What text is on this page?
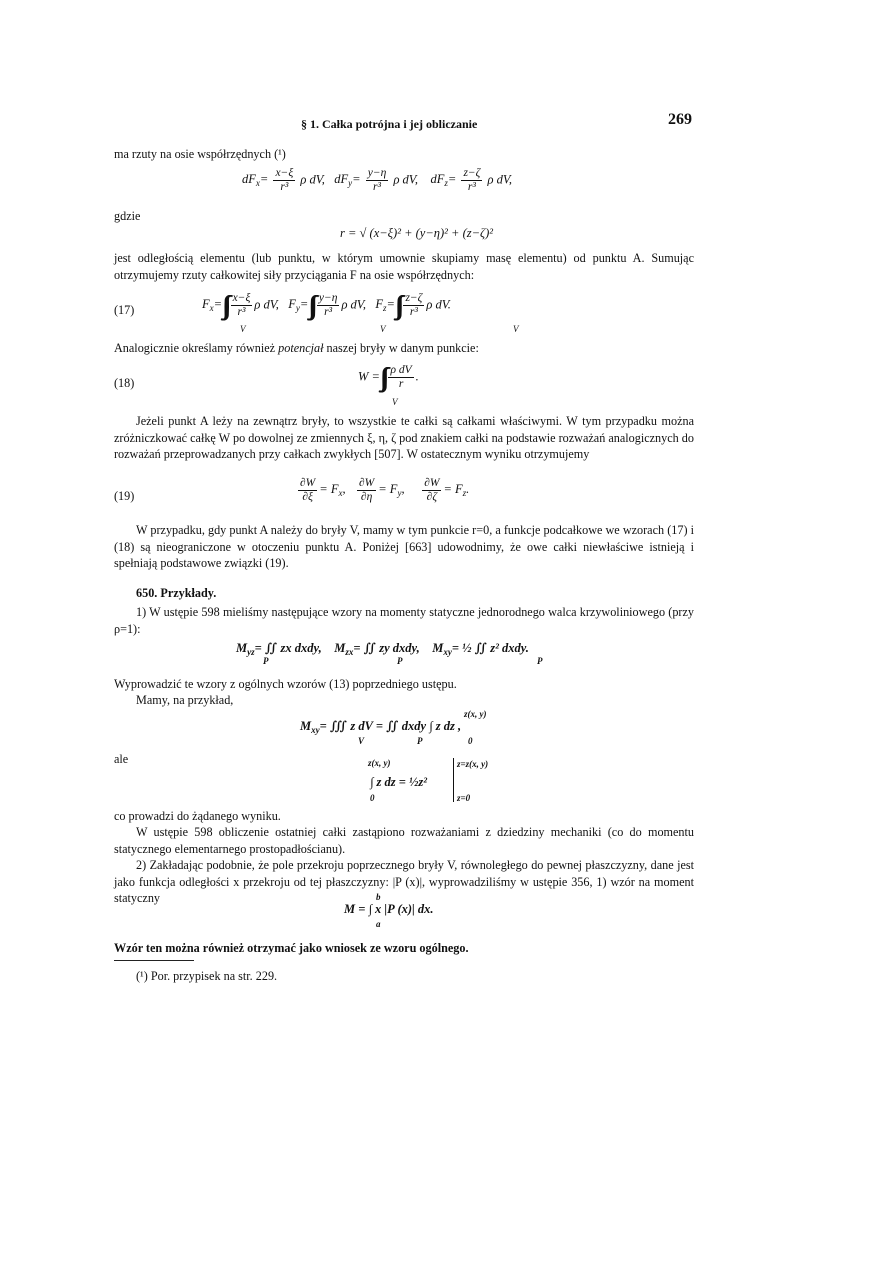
§ 1. Całka potrójna i jej obliczanie	269
ma rzuty na osie współrzędnych (¹)
$dF_x= \frac{x-\xi}{\text{r³}}$ ρ dV, $dF_y= \frac{y-\eta}{\text{r³}}$ ρ dV, $dF_z= \frac{z-\zeta}{\text{r³}}$ ρ dV,
gdzie
r = √ (x−ξ)² + (y−η)² + (z−ζ)²
jest odległością elementu (lub punktu, w którym umownie skupiamy masę elementu) od punktu A. Sumując otrzymujemy rzuty całkowitej siły przyciągania F na osie współrzędnych:
(17)	$F_x=\int\int\int \frac{x-\xi}{\text{r³}}$ ρ dV, $F_y=\int\int\int \frac{y-\eta}{\text{r³}}$ ρ dV, $F_z=\int\int\int \frac{z-\zeta}{\text{r³}}$ ρ dV.
V	V	V
Analogicznie określamy również potencjał naszej bryły w danym punkcie:
(18)	W =∫∫∫ $\frac{\text{ρ dV}}{r}$ .
V
Jeżeli punkt A leży na zewnątrz bryły, to wszystkie te całki są całkami właściwymi. W tym przypadku można zróżniczkować całkę W po dowolnej ze zmiennych ξ, η, ζ pod znakiem całki na podstawie rozważań analogicznych do rozważań przeprowadzanych przy całkach zwykłych [507]. W ostatecznym wyniku otrzymujemy
(19)	$\frac{\partial W}{\partial\xi} = F_x$, $\frac{\partial W}{\partial\eta} = F_y$, $\frac{\partial W}{\partial\zeta} = F_z$.
W przypadku, gdy punkt A należy do bryły V, mamy w tym punkcie r=0, a funkcje podcałkowe we wzorach (17) i (18) są nieograniczone w otoczeniu punktu A. Poniżej [663] udowodnimy, że owe całki niewłaściwe istnieją i spełniają podstawowe związki (19).
650. Przykłady.
1) W ustępie 598 mieliśmy następujące wzory na momenty statyczne jednorodnego walca krzywoliniowego (przy ρ=1):
$M_{yz}=$ ∬ zx dxdy, $M_{zx}=$ ∬ zy dxdy, $M_{xy}=$ ½ ∬ z² dxdy.
P	P	P
Wyprowadzić te wzory z ogólnych wzorów (13) poprzedniego ustępu.
Mamy, na przykład,
z(x, y)
$M_{xy}=$ ∭ z dV = ∬ dxdy ∫ z dz ,
V	P	0
ale	z(x, y)
∫ z dz = ½z²
z=z(x, y)
0	z=0
co prowadzi do żądanego wyniku.
W ustępie 598 obliczenie ostatniej całki zastąpiono rozważaniami z dziedziny mechaniki (co do momentu statycznego elementarnego prostopadłościanu).
2) Zakładając podobnie, że pole przekroju poprzecznego bryły V, równoległego do pewnej płaszczyzny, dane jest jako funkcja odległości x przekroju od tej płaszczyzny: |P (x)|, wyprowadziliśmy w ustępie 356, 1) wzór na moment statyczny	b
M = ∫ x |P (x)| dx.
a
Wzór ten można również otrzymać jako wniosek ze wzoru ogólnego.
(¹) Por. przypisek na str. 229.
